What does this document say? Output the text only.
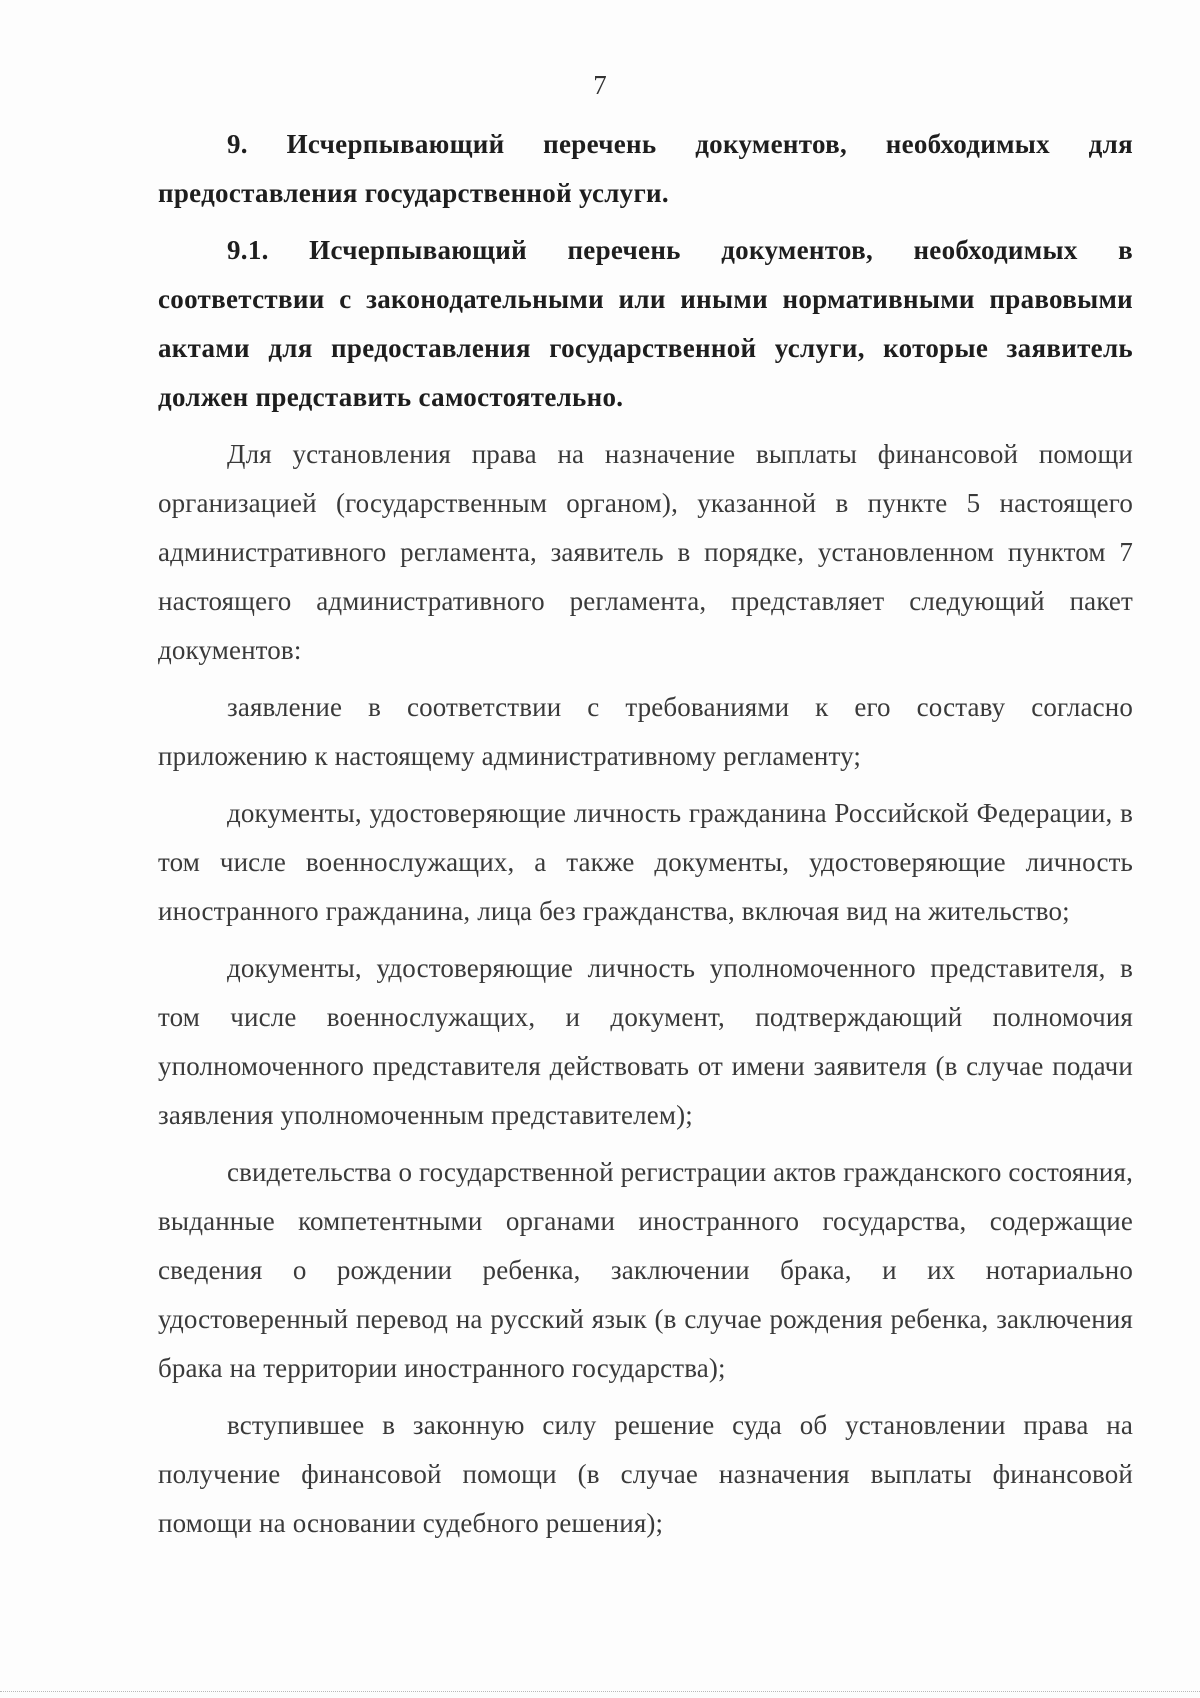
7

9. Исчерпывающий перечень документов, необходимых для предоставления государственной услуги.

9.1. Исчерпывающий перечень документов, необходимых в соответствии с законодательными или иными нормативными правовыми актами для предоставления государственной услуги, которые заявитель должен представить самостоятельно.

Для установления права на назначение выплаты финансовой помощи организацией (государственным органом), указанной в пункте 5 настоящего административного регламента, заявитель в порядке, установленном пунктом 7 настоящего административного регламента, представляет следующий пакет документов:

заявление в соответствии с требованиями к его составу согласно приложению к настоящему административному регламенту;

документы, удостоверяющие личность гражданина Российской Федерации, в том числе военнослужащих, а также документы, удостоверяющие личность иностранного гражданина, лица без гражданства, включая вид на жительство;

документы, удостоверяющие личность уполномоченного представителя, в том числе военнослужащих, и документ, подтверждающий полномочия уполномоченного представителя действовать от имени заявителя (в случае подачи заявления уполномоченным представителем);

свидетельства о государственной регистрации актов гражданского состояния, выданные компетентными органами иностранного государства, содержащие сведения о рождении ребенка, заключении брака, и их нотариально удостоверенный перевод на русский язык (в случае рождения ребенка, заключения брака на территории иностранного государства);

вступившее в законную силу решение суда об установлении права на получение финансовой помощи (в случае назначения выплаты финансовой помощи на основании судебного решения);
